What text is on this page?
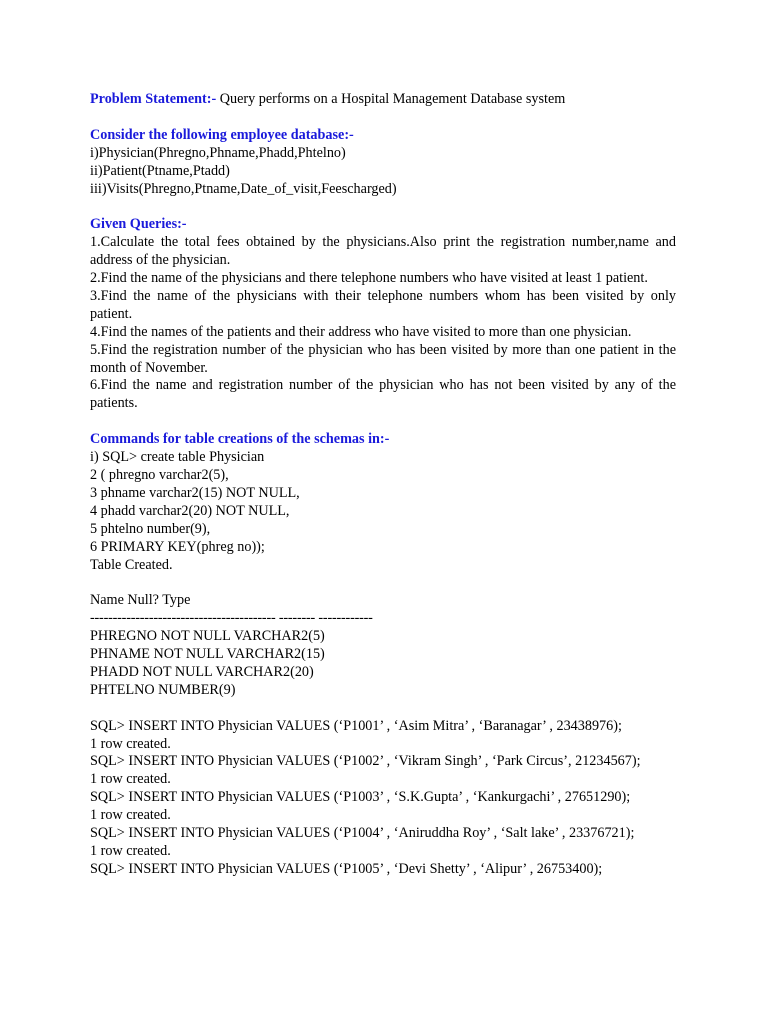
Problem Statement:- Query performs on a Hospital Management Database system
Consider the following employee database:-
i)Physician(Phregno,Phname,Phadd,Phtelno)
ii)Patient(Ptname,Ptadd)
iii)Visits(Phregno,Ptname,Date_of_visit,Feescharged)
Given Queries:-
1.Calculate the total fees obtained by the physicians.Also print the registration number,name and address of the physician.
2.Find the name of the physicians and there telephone numbers who have visited at least 1 patient.
3.Find the name of the physicians with their telephone numbers whom has been visited by only patient.
4.Find the names of the patients and their address who have visited to more than one physician.
5.Find the registration number of the physician who has been visited by more than one patient in the month of November.
6.Find the name and registration number of the physician who has not been visited by any of the patients.
Commands for table creations of the schemas in:-
i) SQL> create table Physician
2 ( phregno varchar2(5),
3 phname varchar2(15) NOT NULL,
4 phadd varchar2(20) NOT NULL,
5 phtelno number(9),
6 PRIMARY KEY(phreg no));
Table Created.
Name Null? Type
----------------------------------------- -------- ------------
PHREGNO NOT NULL VARCHAR2(5)
PHNAME NOT NULL VARCHAR2(15)
PHADD NOT NULL VARCHAR2(20)
PHTELNO NUMBER(9)
SQL> INSERT INTO Physician VALUES (‘P1001’ , ‘Asim Mitra’ , ‘Baranagar’ , 23438976);
1 row created.
SQL> INSERT INTO Physician VALUES (‘P1002’ , ‘Vikram Singh’ , ‘Park Circus’, 21234567);
1 row created.
SQL> INSERT INTO Physician VALUES (‘P1003’ , ‘S.K.Gupta’ , ‘Kankurgachi’ , 27651290);
1 row created.
SQL> INSERT INTO Physician VALUES (‘P1004’ , ‘Aniruddha Roy’ , ‘Salt lake’ , 23376721);
1 row created.
SQL> INSERT INTO Physician VALUES (‘P1005’ , ‘Devi Shetty’ , ‘Alipur’ , 26753400);
